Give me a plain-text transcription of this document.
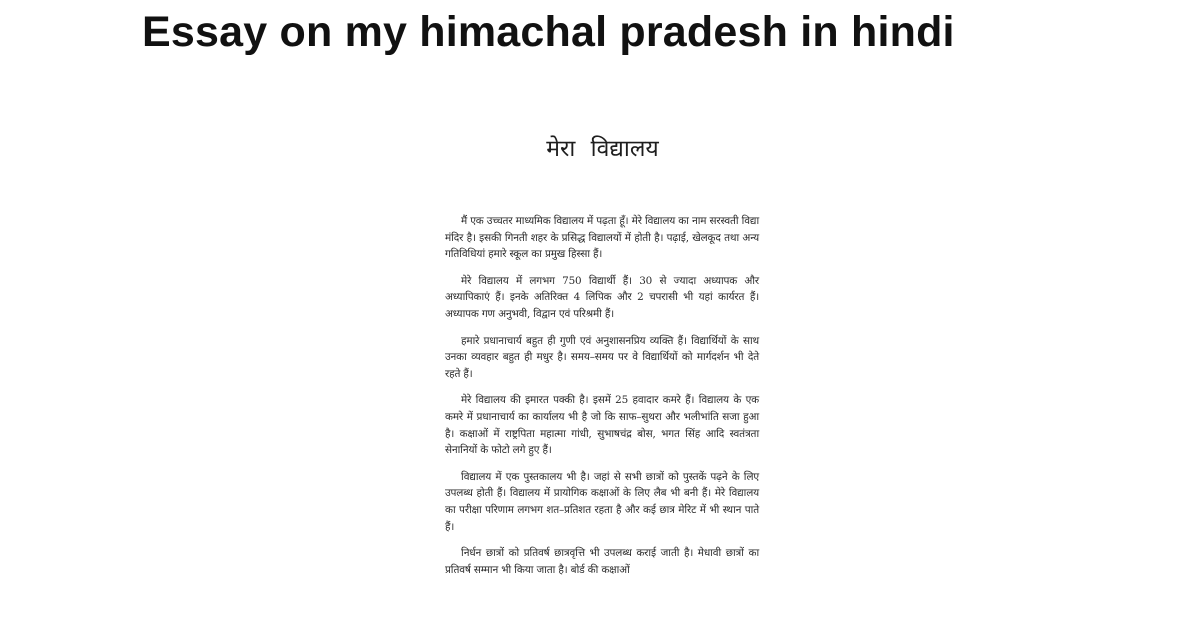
Essay on my himachal pradesh in hindi
मेरा विद्यालय

मैं एक उच्चतर माध्यमिक विद्यालय में पढ़ता हूँ। मेरे विद्यालय का नाम सरस्वती विद्या मंदिर है। इसकी गिनती शहर के प्रसिद्ध विद्यालयों में होती है। पढ़ाई, खेलकूद तथा अन्य गतिविधियां हमारे स्कूल का प्रमुख हिस्सा हैं।

मेरे विद्यालय में लगभग 750 विद्यार्थी हैं। 30 से ज्यादा अध्यापक और अध्यापिकाएं हैं। इनके अतिरिक्त 4 लिपिक और 2 चपरासी भी यहां कार्यरत हैं। अध्यापक गण अनुभवी, विद्वान एवं परिश्रमी हैं।

हमारे प्रधानाचार्य बहुत ही गुणी एवं अनुशासनप्रिय व्यक्ति हैं। विद्यार्थियों के साथ उनका व्यवहार बहुत ही मधुर है। समय–समय पर वे विद्यार्थियों को मार्गदर्शन भी देते रहते हैं।

मेरे विद्यालय की इमारत पक्की है। इसमें 25 हवादार कमरे हैं। विद्यालय के एक कमरे में प्रधानाचार्य का कार्यालय भी है जो कि साफ–सुथरा और भलीभांति सजा हुआ है। कक्षाओं में राष्ट्रपिता महात्मा गांधी, सुभाषचंद्र बोस, भगत सिंह आदि स्वतंत्रता सेनानियों के फोटो लगे हुए हैं।

विद्यालय में एक पुस्तकालय भी है। जहां से सभी छात्रों को पुस्तकें पढ़ने के लिए उपलब्ध होती हैं। विद्यालय में प्रायोगिक कक्षाओं के लिए लैब भी बनी हैं। मेरे विद्यालय का परीक्षा परिणाम लगभग शत–प्रतिशत रहता है और कई छात्र मेरिट में भी स्थान पाते हैं।

निर्धन छात्रों को प्रतिवर्ष छात्रवृत्ति भी उपलब्ध कराई जाती है। मेधावी छात्रों का प्रतिवर्ष सम्मान भी किया जाता है। बोर्ड की कक्षाओं
